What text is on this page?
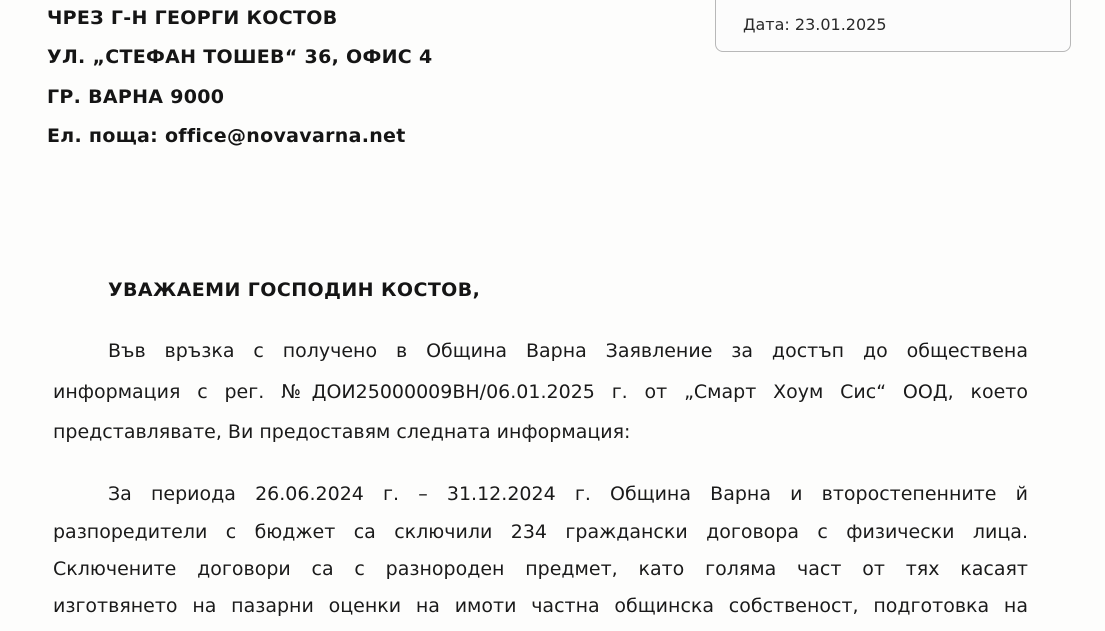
ЧРЕЗ Г-Н ГЕОРГИ КОСТОВ
УЛ. „СТЕФАН ТОШЕВ“ 36, ОФИС 4
ГР. ВАРНА 9000
Ел. поща: office@novavarna.net
Дата: 23.01.2025
УВАЖАЕМИ ГОСПОДИН КОСТОВ,
Във връзка с получено в Община Варна Заявление за достъп до обществена
информация с рег. №ДОИ25000009ВН/06.01.2025 г. от „Смарт Хоум Сис“ ООД, което
представлявате, Ви предоставям следната информация:
За периода 26.06.2024 г. – 31.12.2024 г. Община Варна и второстепенните й
разпоредители с бюджет са сключили 234 граждански договора с физически лица.
Сключените договори са с разнороден предмет, като голяма част от тях касаят
изготвянето на пазарни оценки на имоти частна общинска собственост, подготовка на
